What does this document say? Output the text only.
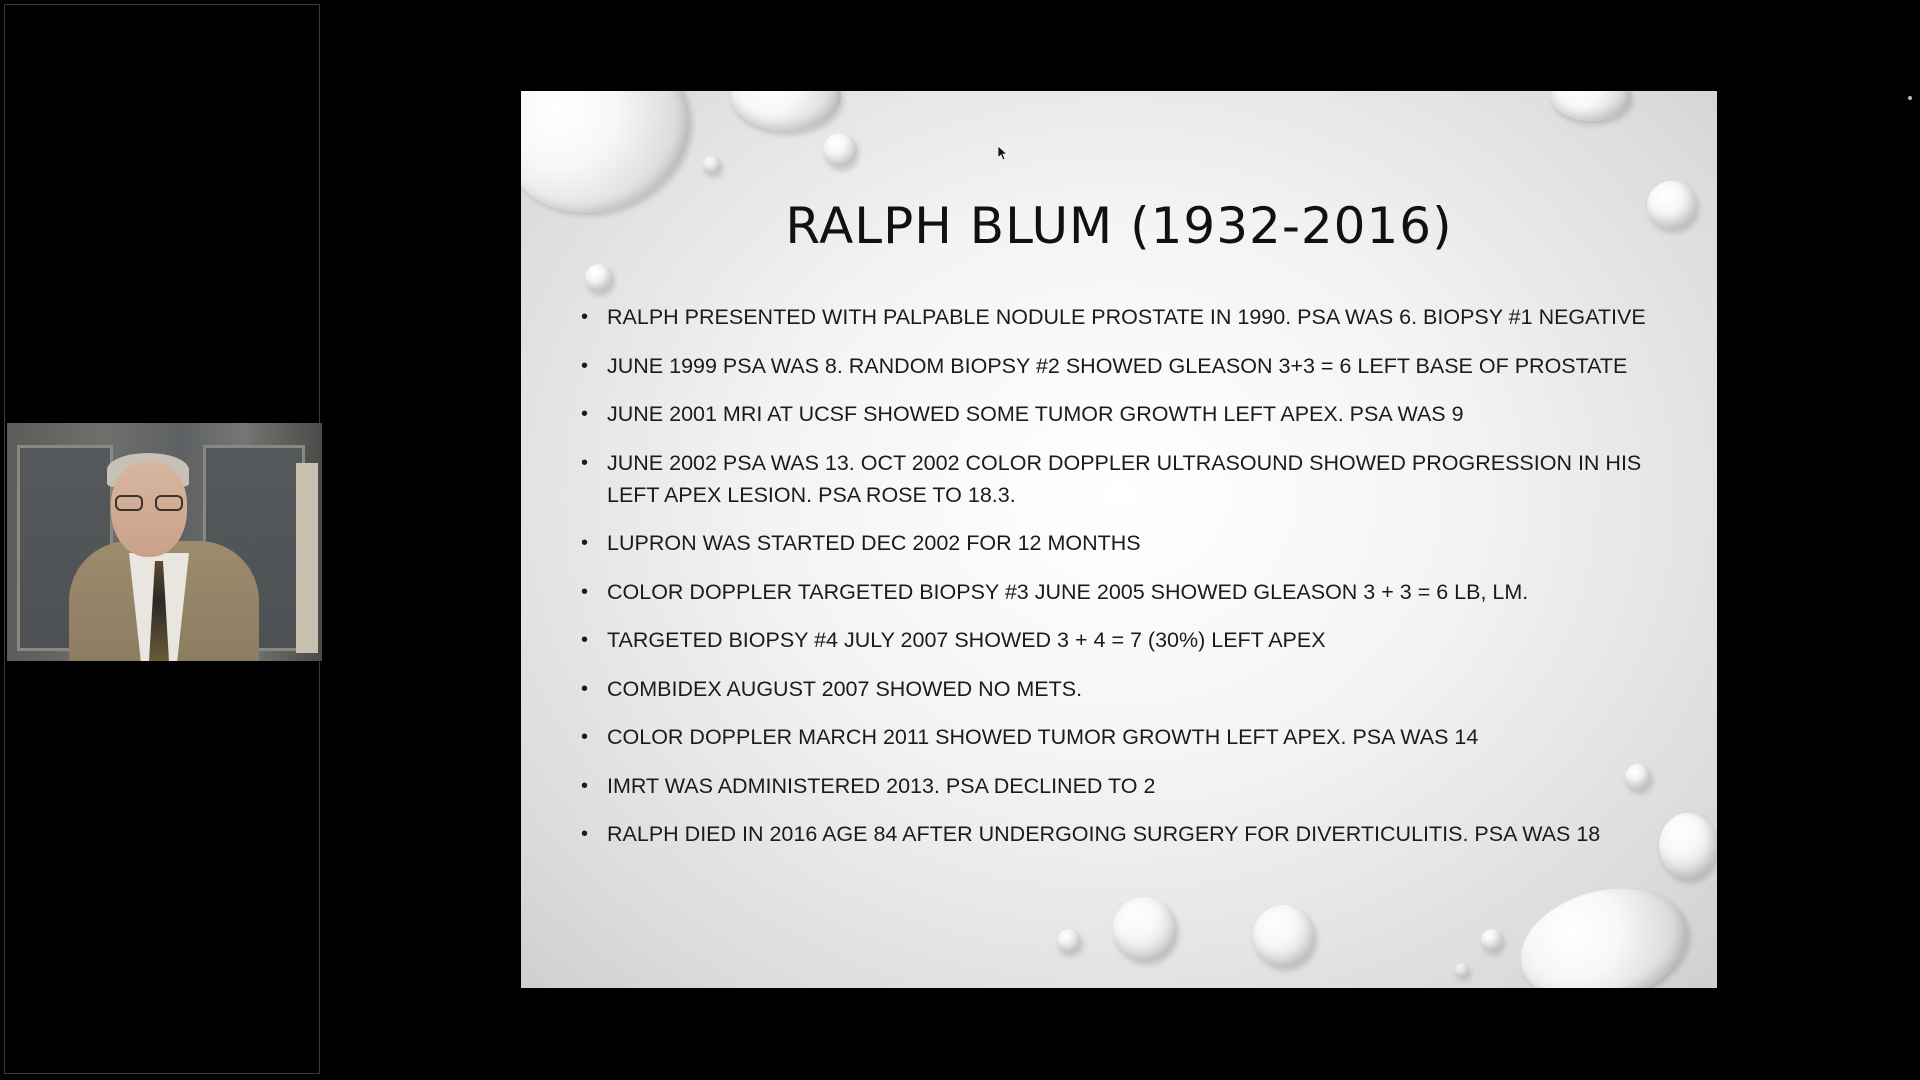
RALPH BLUM (1932-2016)
• RALPH PRESENTED WITH PALPABLE NODULE PROSTATE IN 1990. PSA WAS 6. BIOPSY #1 NEGATIVE
• JUNE 1999 PSA WAS 8. RANDOM BIOPSY #2 SHOWED GLEASON 3+3 = 6 LEFT BASE OF PROSTATE
• JUNE 2001 MRI AT UCSF SHOWED SOME TUMOR GROWTH LEFT APEX. PSA WAS 9
• JUNE 2002 PSA WAS 13. OCT 2002 COLOR DOPPLER ULTRASOUND SHOWED PROGRESSION IN HIS LEFT APEX LESION. PSA ROSE TO 18.3.
• LUPRON WAS STARTED DEC 2002 FOR 12 MONTHS
• COLOR DOPPLER TARGETED BIOPSY #3 JUNE 2005 SHOWED GLEASON 3 + 3 = 6 LB, LM.
• TARGETED BIOPSY #4 JULY 2007 SHOWED 3 + 4 = 7 (30%) LEFT APEX
• COMBIDEX AUGUST 2007 SHOWED NO METS.
• COLOR DOPPLER MARCH 2011 SHOWED TUMOR GROWTH LEFT APEX. PSA WAS 14
• IMRT WAS ADMINISTERED 2013. PSA DECLINED TO 2
• RALPH DIED IN 2016 AGE 84 AFTER UNDERGOING SURGERY FOR DIVERTICULITIS. PSA WAS 18
